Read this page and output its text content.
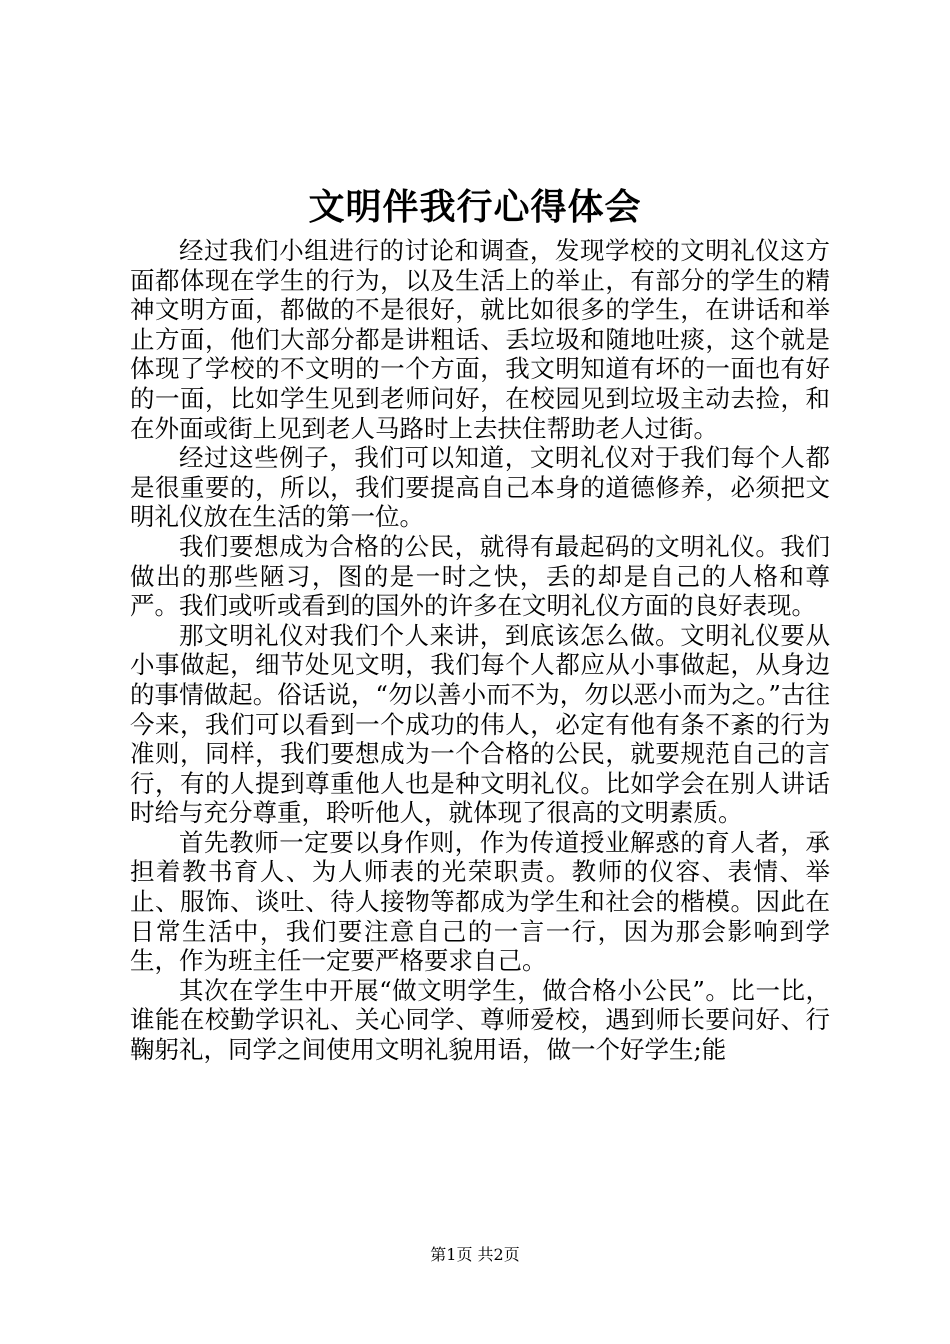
文明伴我行心得体会

经过我们小组进行的讨论和调查，发现学校的文明礼仪这方面都体现在学生的行为，以及生活上的举止，有部分的学生的精神文明方面，都做的不是很好，就比如很多的学生，在讲话和举止方面，他们大部分都是讲粗话、丢垃圾和随地吐痰，这个就是体现了学校的不文明的一个方面，我文明知道有坏的一面也有好的一面，比如学生见到老师问好，在校园见到垃圾主动去捡，和在外面或街上见到老人马路时上去扶住帮助老人过街。

经过这些例子，我们可以知道，文明礼仪对于我们每个人都是很重要的，所以，我们要提高自己本身的道德修养，必须把文明礼仪放在生活的第一位。

我们要想成为合格的公民，就得有最起码的文明礼仪。我们做出的那些陋习，图的是一时之快，丢的却是自己的人格和尊严。我们或听或看到的国外的许多在文明礼仪方面的良好表现。

那文明礼仪对我们个人来讲，到底该怎么做。文明礼仪要从小事做起，细节处见文明，我们每个人都应从小事做起，从身边的事情做起。俗话说，“勿以善小而不为，勿以恶小而为之。”古往今来，我们可以看到一个成功的伟人，必定有他有条不紊的行为准则，同样，我们要想成为一个合格的公民，就要规范自己的言行，有的人提到尊重他人也是种文明礼仪。比如学会在别人讲话时给与充分尊重，聆听他人，就体现了很高的文明素质。

首先教师一定要以身作则，作为传道授业解惑的育人者，承担着教书育人、为人师表的光荣职责。教师的仪容、表情、举止、服饰、谈吐、待人接物等都成为学生和社会的楷模。因此在日常生活中，我们要注意自己的一言一行，因为那会影响到学生，作为班主任一定要严格要求自己。

其次在学生中开展“做文明学生，做合格小公民”。比一比，谁能在校勤学识礼、关心同学、尊师爱校，遇到师长要问好、行鞠躬礼，同学之间使用文明礼貌用语，做一个好学生;能

第1页 共2页
